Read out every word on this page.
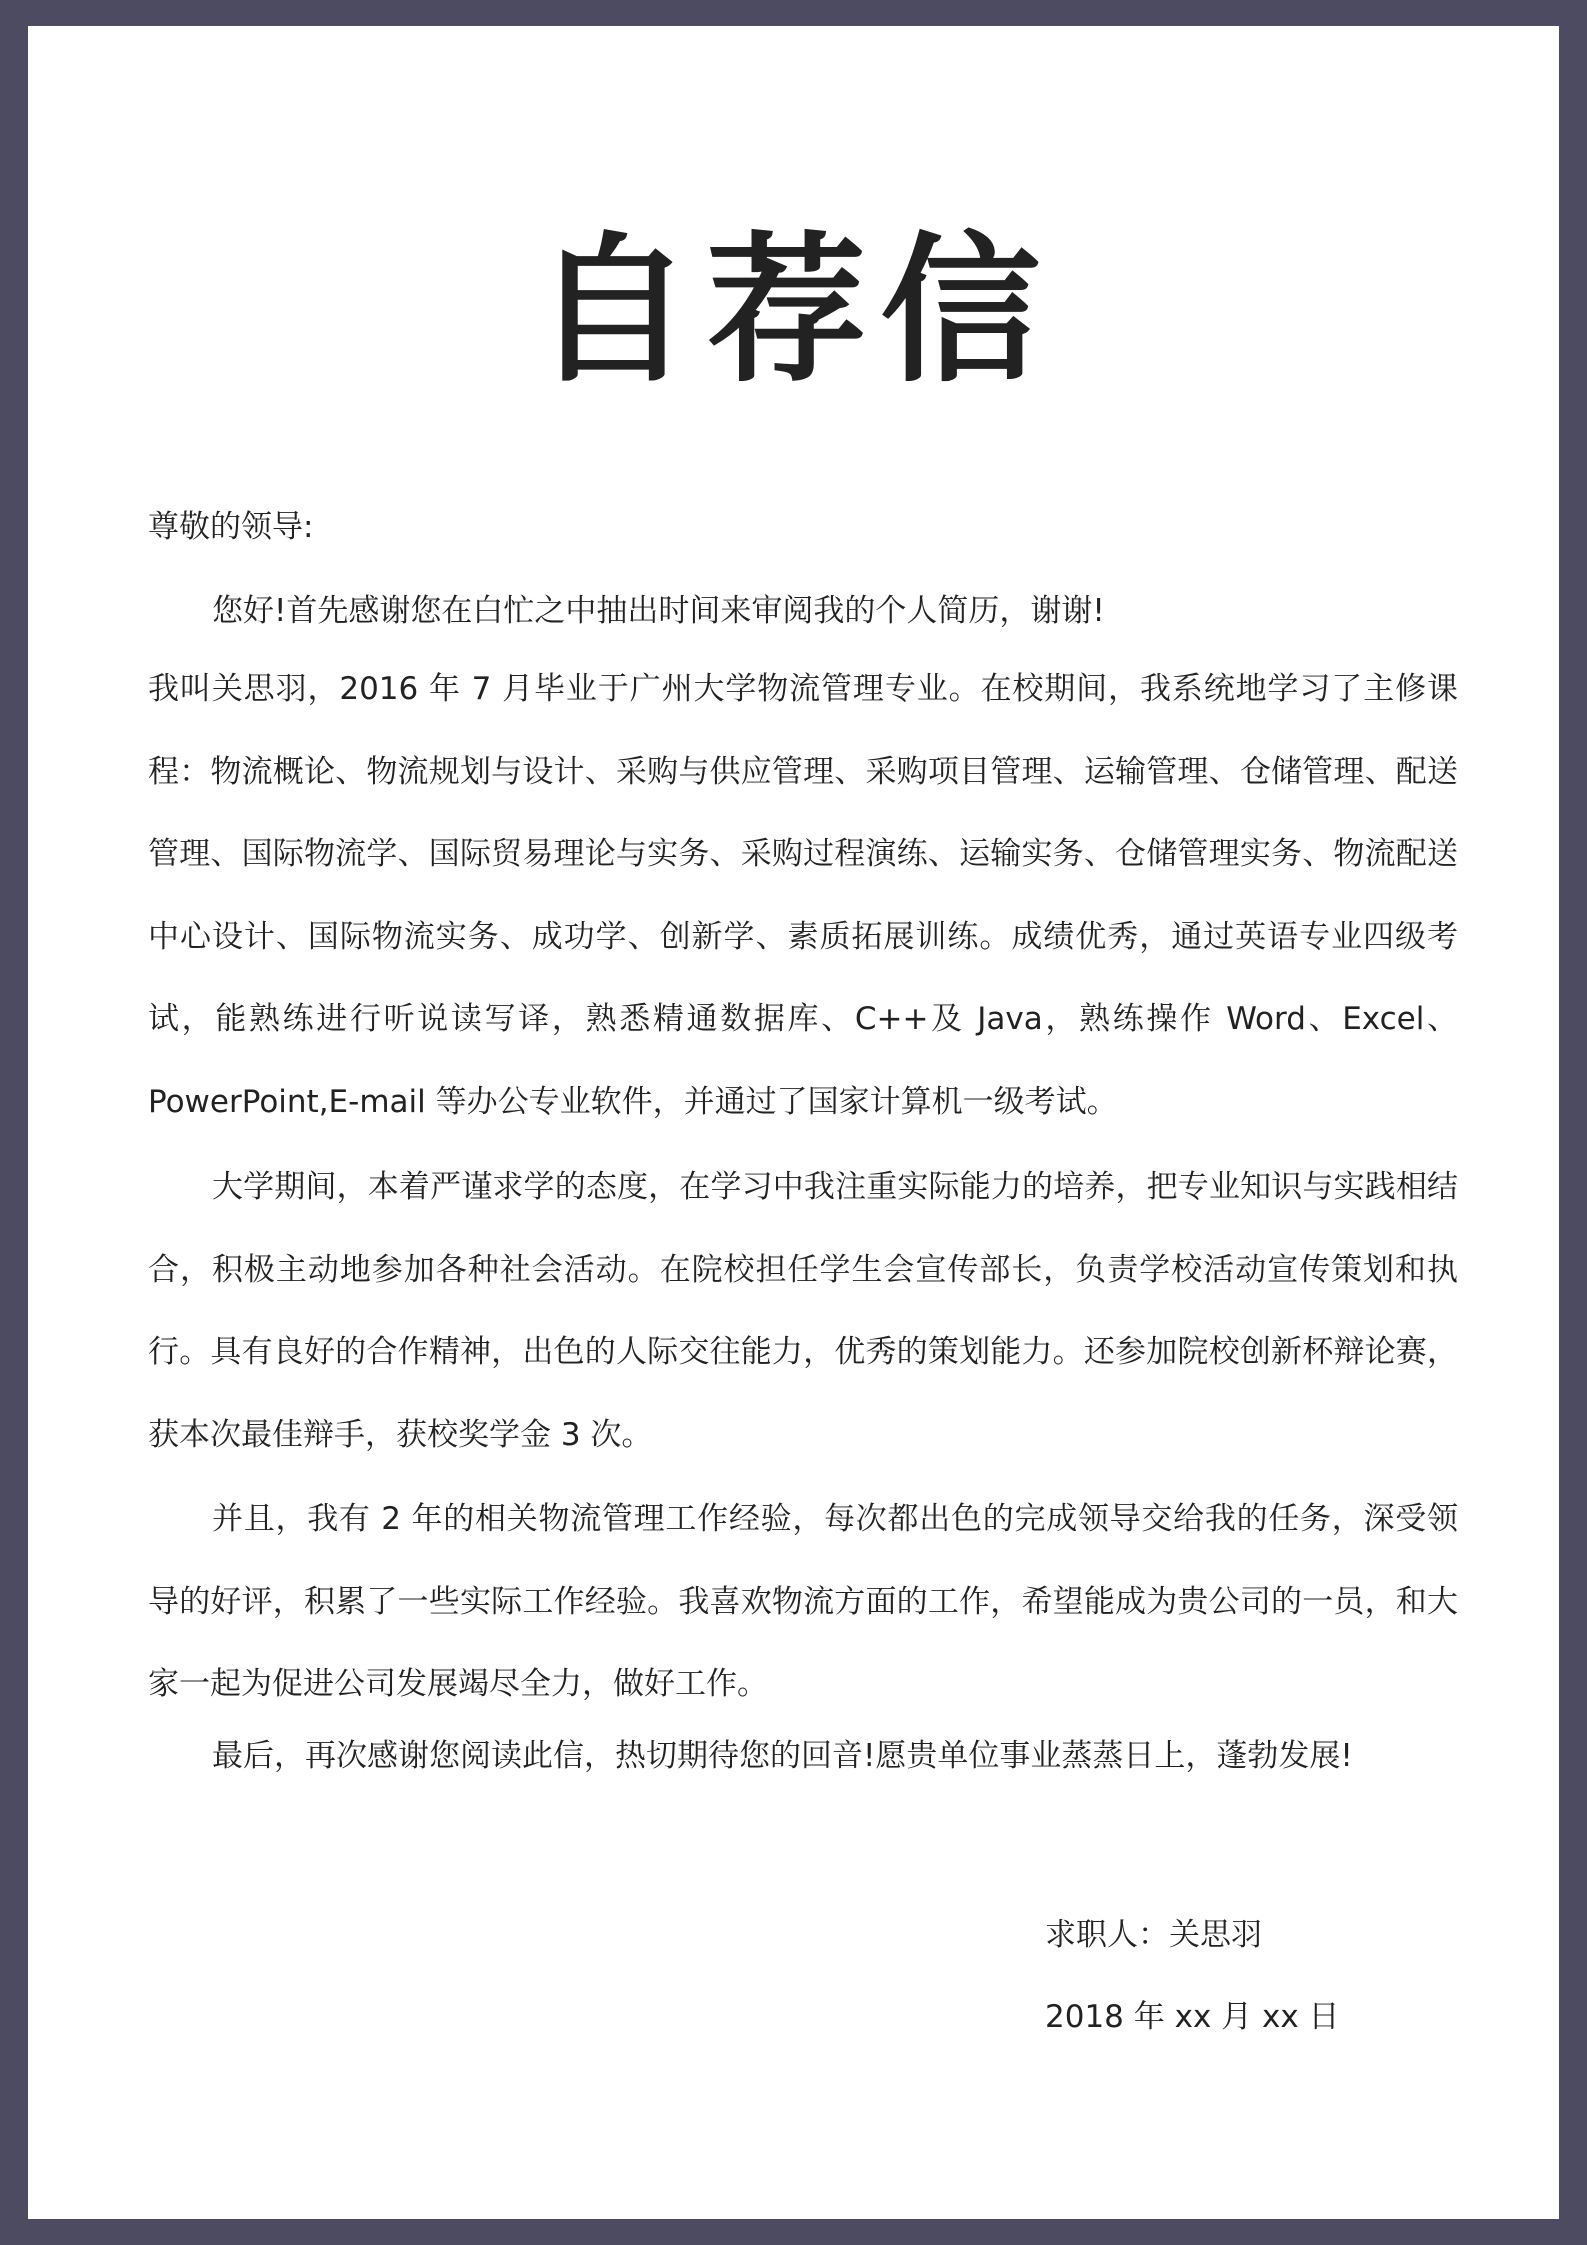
自荐信
尊敬的领导:
您好!首先感谢您在白忙之中抽出时间来审阅我的个人简历，谢谢!
我叫关思羽，2016 年 7 月毕业于广州大学物流管理专业。在校期间，我系统地学习了主修课程：物流概论、物流规划与设计、采购与供应管理、采购项目管理、运输管理、仓储管理、配送管理、国际物流学、国际贸易理论与实务、采购过程演练、运输实务、仓储管理实务、物流配送中心设计、国际物流实务、成功学、创新学、素质拓展训练。成绩优秀，通过英语专业四级考试，能熟练进行听说读写译，熟悉精通数据库、C++及 Java，熟练操作 Word、Excel、PowerPoint,E-mail 等办公专业软件，并通过了国家计算机一级考试。
大学期间，本着严谨求学的态度，在学习中我注重实际能力的培养，把专业知识与实践相结合，积极主动地参加各种社会活动。在院校担任学生会宣传部长，负责学校活动宣传策划和执行。具有良好的合作精神，出色的人际交往能力，优秀的策划能力。还参加院校创新杯辩论赛，获本次最佳辩手，获校奖学金 3 次。
并且，我有 2 年的相关物流管理工作经验，每次都出色的完成领导交给我的任务，深受领导的好评，积累了一些实际工作经验。我喜欢物流方面的工作，希望能成为贵公司的一员，和大家一起为促进公司发展竭尽全力，做好工作。
最后，再次感谢您阅读此信，热切期待您的回音!愿贵单位事业蒸蒸日上，蓬勃发展!
求职人：关思羽
2018 年 xx 月 xx 日
